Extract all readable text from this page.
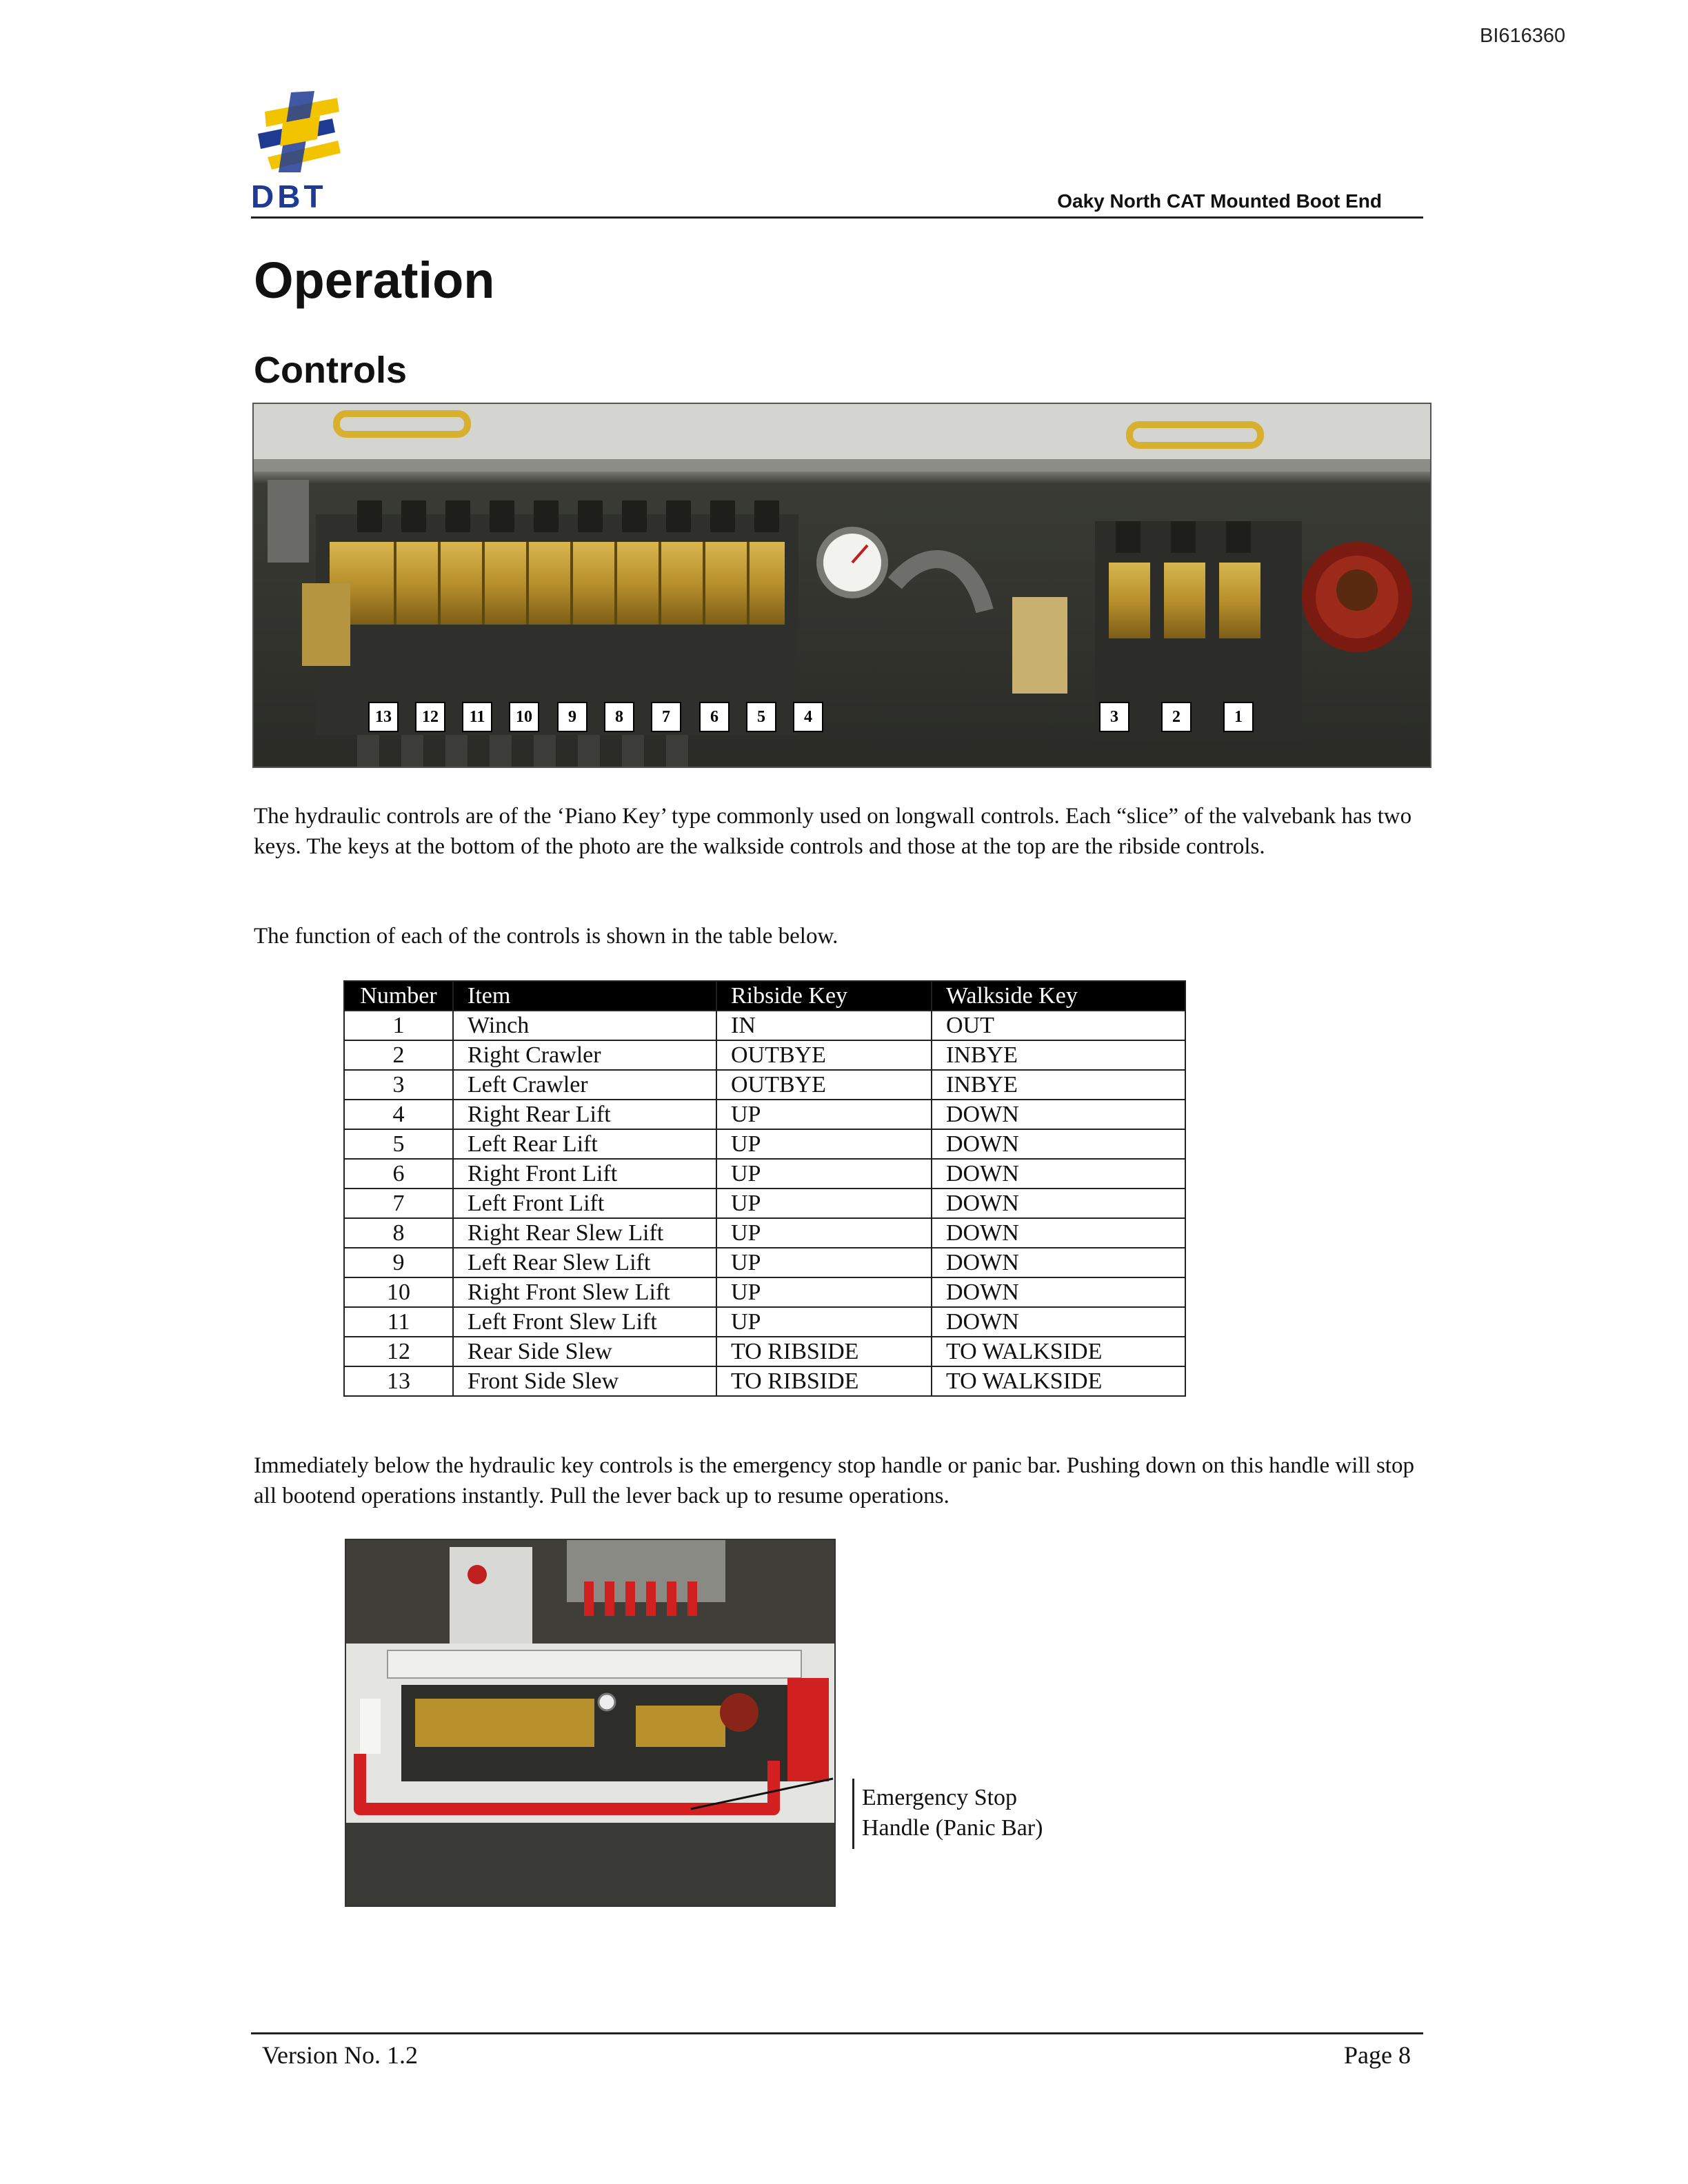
BI616360
DBT	Oaky North CAT Mounted Boot End
Operation
Controls
13	12	11	10	9	8	7	6	5	4	3	2	1
The hydraulic controls are of the ‘Piano Key’ type commonly used on longwall controls. Each “slice” of the valvebank has two keys. The keys at the bottom of the photo are the walkside controls and those at the top are the ribside controls.
The function of each of the controls is shown in the table below.
Number	Item	Ribside Key	Walkside Key
1	Winch	IN	OUT
2	Right Crawler	OUTBYE	INBYE
3	Left Crawler	OUTBYE	INBYE
4	Right Rear Lift	UP	DOWN
5	Left Rear Lift	UP	DOWN
6	Right Front Lift	UP	DOWN
7	Left Front Lift	UP	DOWN
8	Right Rear Slew Lift	UP	DOWN
9	Left Rear Slew Lift	UP	DOWN
10	Right Front Slew Lift	UP	DOWN
11	Left Front Slew Lift	UP	DOWN
12	Rear Side Slew	TO RIBSIDE	TO WALKSIDE
13	Front Side Slew	TO RIBSIDE	TO WALKSIDE
Immediately below the hydraulic key controls is the emergency stop handle or panic bar. Pushing down on this handle will stop all bootend operations instantly. Pull the lever back up to resume operations.
Emergency Stop
Handle (Panic Bar)
Version No. 1.2	Page 8
